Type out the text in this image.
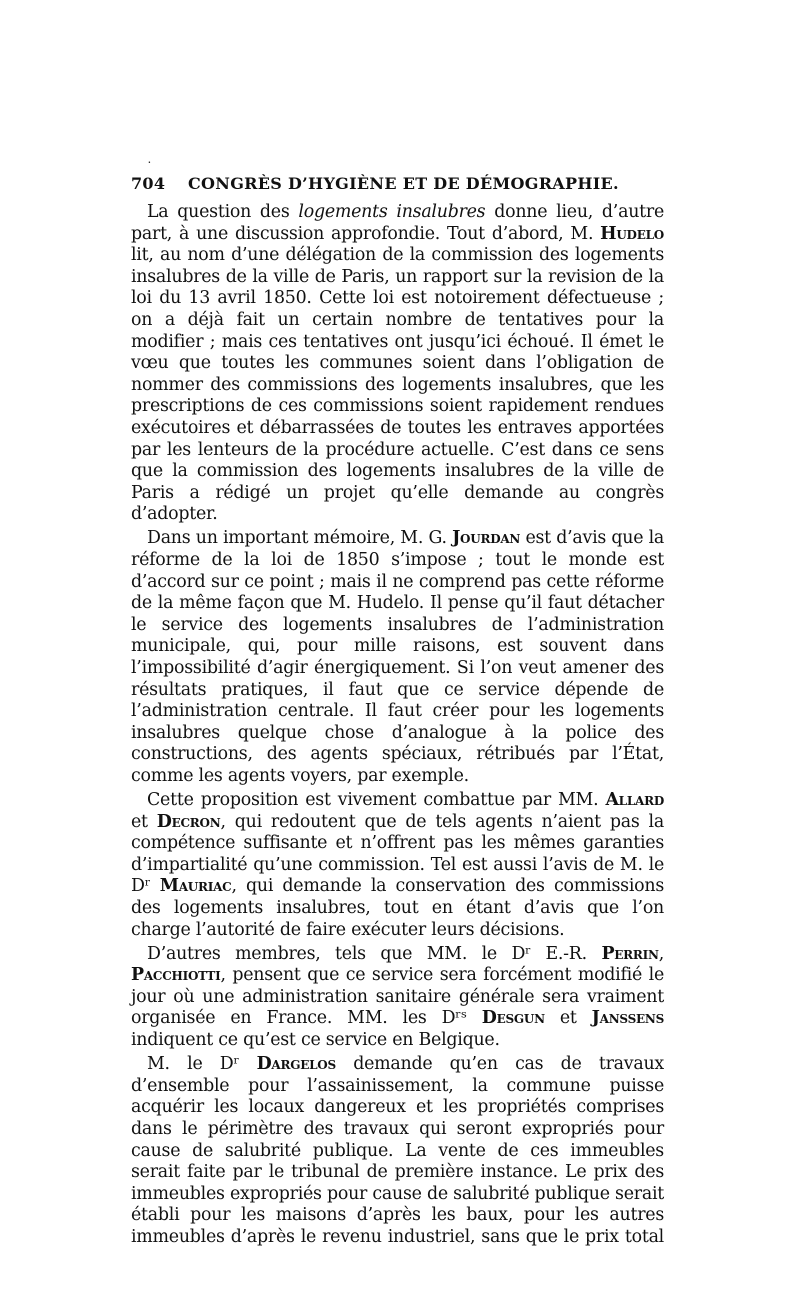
·
704 CONGRÈS D’HYGIÈNE ET DE DÉMOGRAPHIE.

La question des logements insalubres donne lieu, d’autre part, à une discussion approfondie. Tout d’abord, M. Hudelo lit, au nom d’une délégation de la commission des logements insalubres de la ville de Paris, un rapport sur la revision de la loi du 13 avril 1850. Cette loi est notoirement défectueuse ; on a déjà fait un certain nombre de tentatives pour la modifier ; mais ces tentatives ont jusqu’ici échoué. Il émet le vœu que toutes les communes soient dans l’obligation de nommer des commissions des logements insalubres, que les prescriptions de ces commissions soient rapidement rendues exécutoires et débarrassées de toutes les entraves apportées par les lenteurs de la procédure actuelle. C’est dans ce sens que la commission des logements insalubres de la ville de Paris a rédigé un projet qu’elle demande au congrès d’adopter.

Dans un important mémoire, M. G. Jourdan est d’avis que la réforme de la loi de 1850 s’impose ; tout le monde est d’accord sur ce point ; mais il ne comprend pas cette réforme de la même façon que M. Hudelo. Il pense qu’il faut détacher le service des logements insalubres de l’administration municipale, qui, pour mille raisons, est souvent dans l’impossibilité d’agir énergiquement. Si l’on veut amener des résultats pratiques, il faut que ce service dépende de l’administration centrale. Il faut créer pour les logements insalubres quelque chose d’analogue à la police des constructions, des agents spéciaux, rétribués par l’État, comme les agents voyers, par exemple.

Cette proposition est vivement combattue par MM. Allard et Decron, qui redoutent que de tels agents n’aient pas la compétence suffisante et n’offrent pas les mêmes garanties d’impartialité qu’une commission. Tel est aussi l’avis de M. le Dʳ Mauriac, qui demande la conservation des commissions des logements insalubres, tout en étant d’avis que l’on charge l’autorité de faire exécuter leurs décisions.

D’autres membres, tels que MM. le Dʳ E.-R. Perrin, Pacchiotti, pensent que ce service sera forcément modifié le jour où une administration sanitaire générale sera vraiment organisée en France. MM. les Dʳˢ Desgun et Janssens indiquent ce qu’est ce service en Belgique.

M. le Dʳ Dargelos demande qu’en cas de travaux d’ensemble pour l’assainissement, la commune puisse acquérir les locaux dangereux et les propriétés comprises dans le périmètre des travaux qui seront expropriés pour cause de salubrité publique. La vente de ces immeubles serait faite par le tribunal de première instance. Le prix des immeubles expropriés pour cause de salubrité publique serait établi pour les maisons d’après les baux, pour les autres immeubles d’après le revenu industriel, sans que le prix total
